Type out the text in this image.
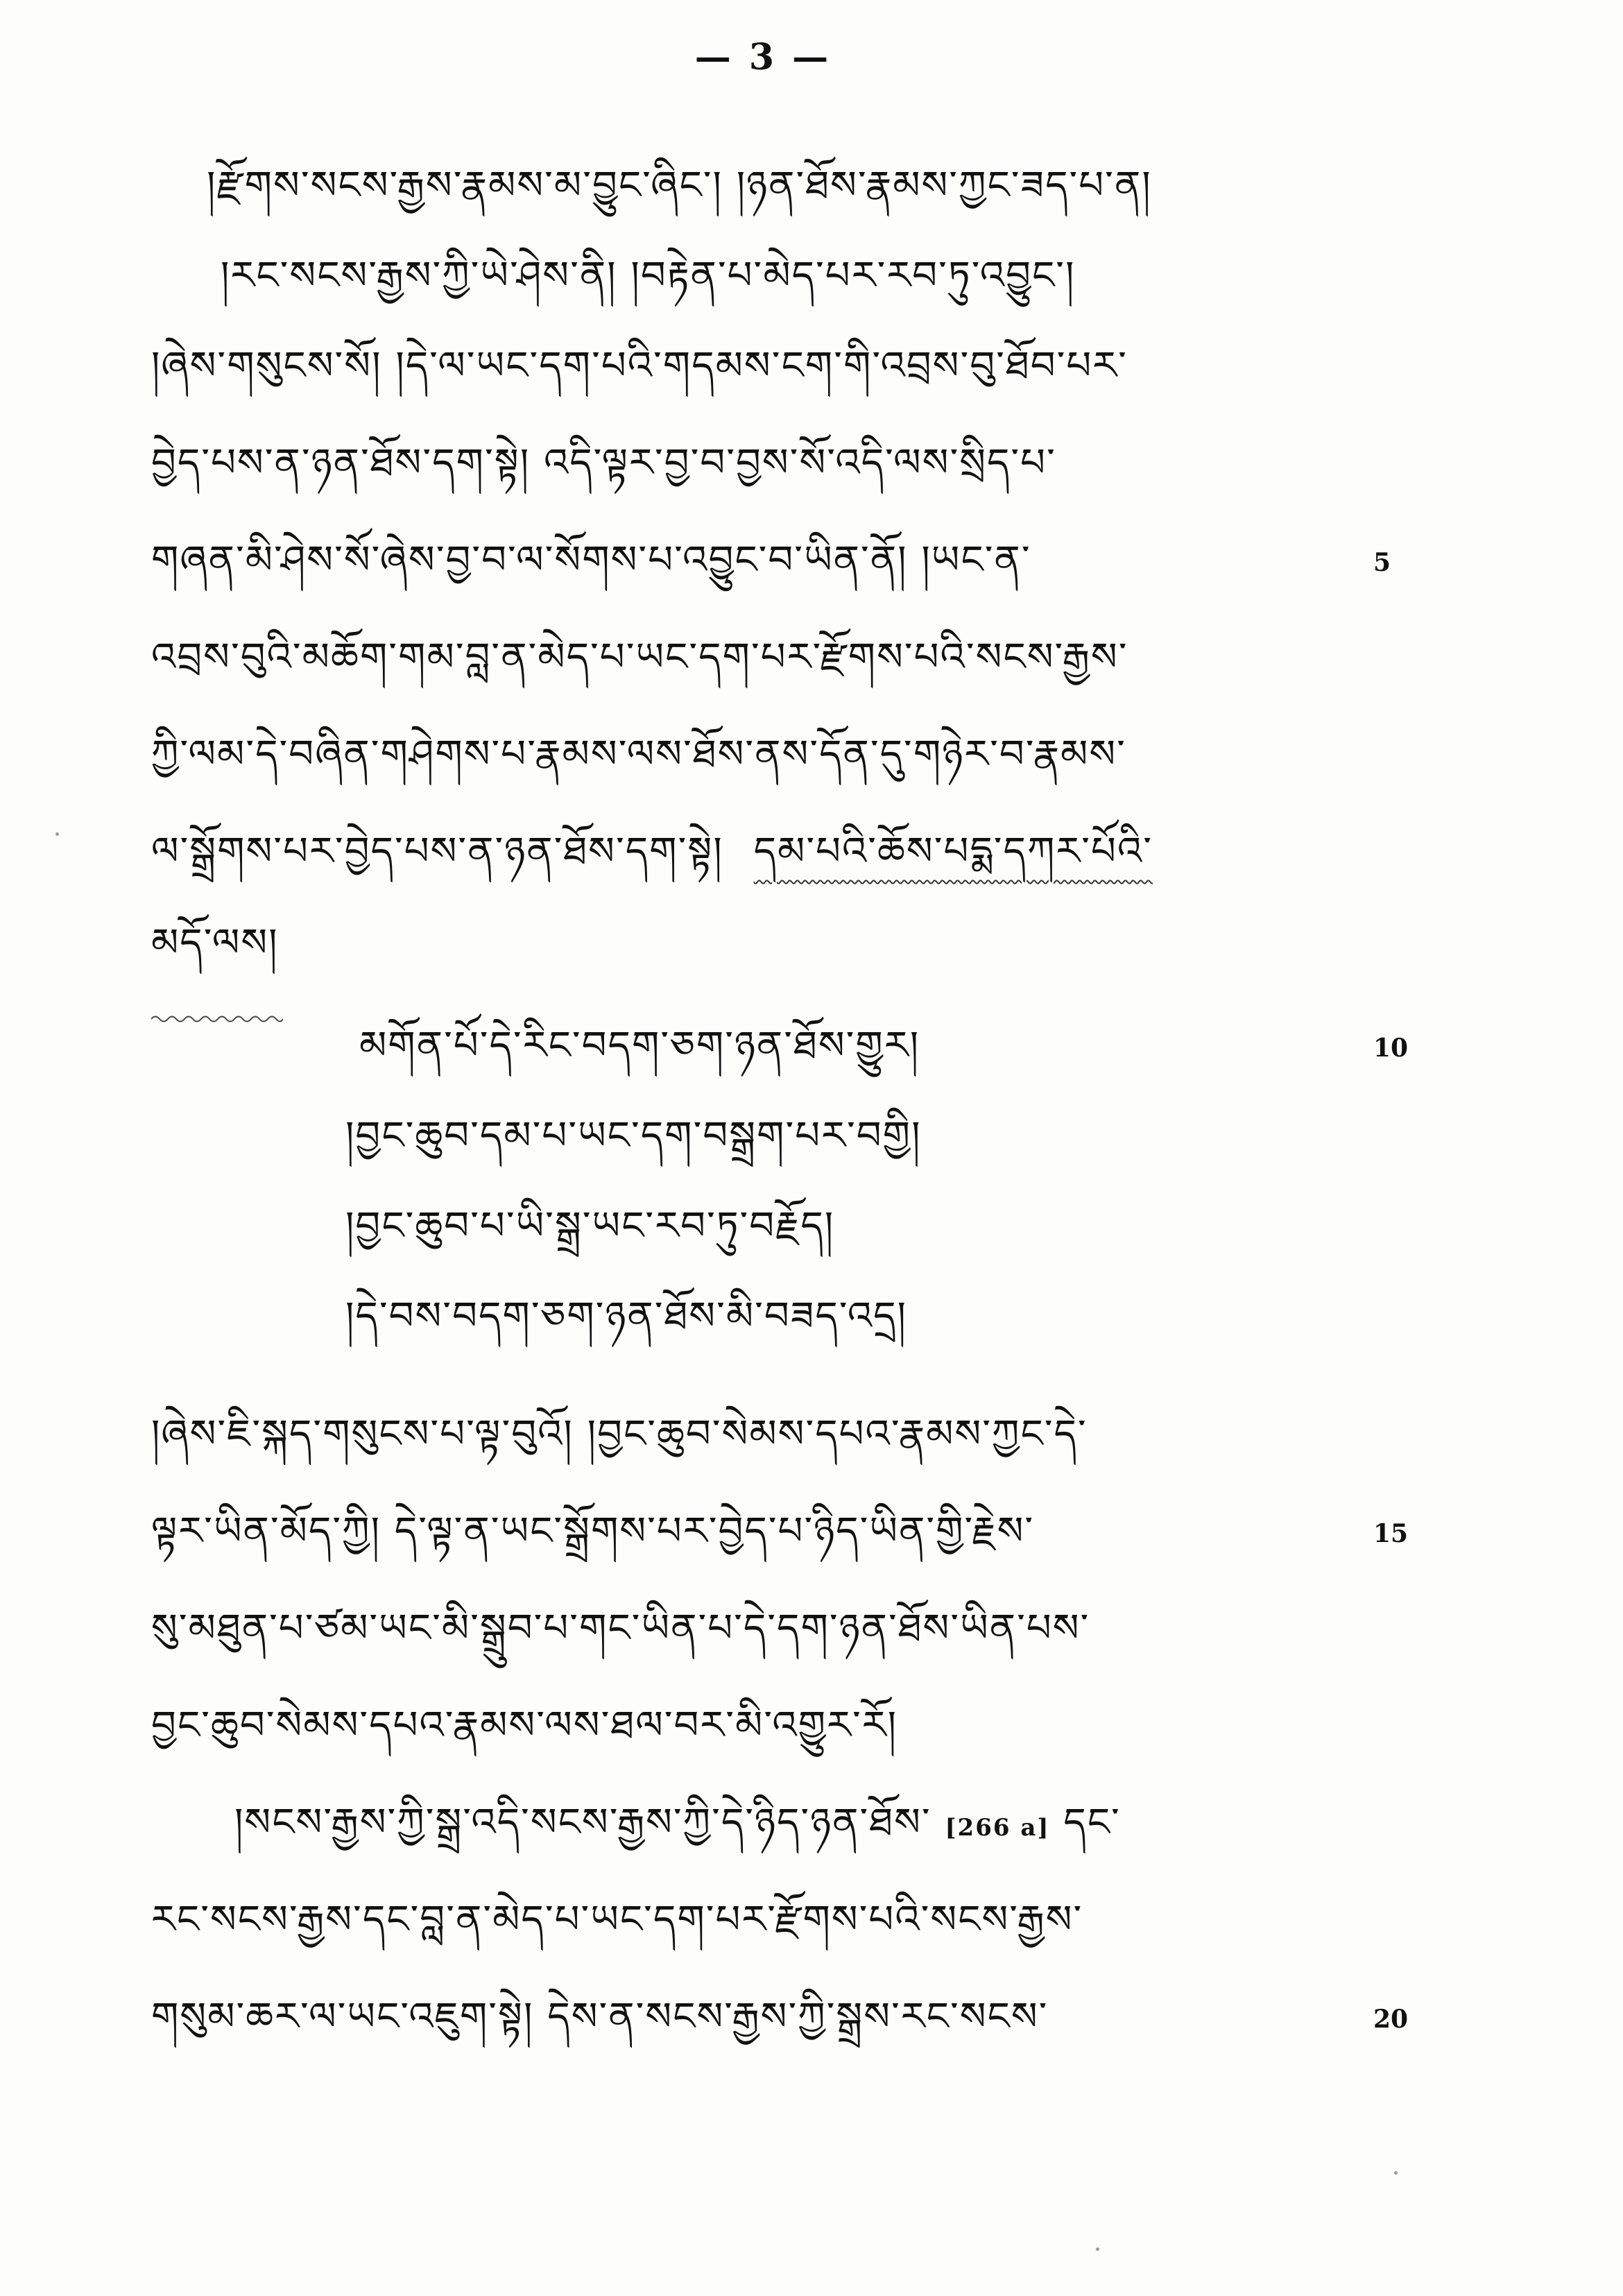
— 3 —
།རྫོགས་སངས་རྒྱས་རྣམས་མ་བྱུང་ཞིང་། །ཉན་ཐོས་རྣམས་ཀྱང་ཟད་པ་ན།
།རང་སངས་རྒྱས་ཀྱི་ཡེ་ཤེས་ནི། །བརྟེན་པ་མེད་པར་རབ་ཏུ་འབྱུང་།
།ཞེས་གསུངས་སོ། །དེ་ལ་ཡང་དག་པའི་གདམས་ངག་གི་འབྲས་བུ་ཐོབ་པར་
བྱེད་པས་ན་ཉན་ཐོས་དག་སྟེ། འདི་ལྟར་བྱ་བ་བྱས་སོ་འདི་ལས་སྲིད་པ་
གཞན་མི་ཤེས་སོ་ཞེས་བྱ་བ་ལ་སོགས་པ་འབྱུང་བ་ཡིན་ནོ། །ཡང་ན་	5
འབྲས་བུའི་མཆོག་གམ་བླ་ན་མེད་པ་ཡང་དག་པར་རྫོགས་པའི་སངས་རྒྱས་
ཀྱི་ལམ་དེ་བཞིན་གཤེགས་པ་རྣམས་ལས་ཐོས་ནས་དོན་དུ་གཉེར་བ་རྣམས་
ལ་སྒྲོགས་པར་བྱེད་པས་ན་ཉན་ཐོས་དག་སྟེ། དམ་པའི་ཆོས་པདྨ་དཀར་པོའི་
མདོ་ལས།
མགོན་པོ་དེ་རིང་བདག་ཅག་ཉན་ཐོས་གྱུར།	10
།བྱང་ཆུབ་དམ་པ་ཡང་དག་བསྒྲག་པར་བགྱི།
།བྱང་ཆུབ་པ་ཡི་སྒྲ་ཡང་རབ་ཏུ་བརྗོད།
།དེ་བས་བདག་ཅག་ཉན་ཐོས་མི་བཟད་འདྲ།
།ཞེས་ཇི་སྐད་གསུངས་པ་ལྟ་བུའོ། །བྱང་ཆུབ་སེམས་དཔའ་རྣམས་ཀྱང་དེ་
ལྟར་ཡིན་མོད་ཀྱི། དེ་ལྟ་ན་ཡང་སྒྲོགས་པར་བྱེད་པ་ཉིད་ཡིན་གྱི་རྗེས་	15
སུ་མཐུན་པ་ཙམ་ཡང་མི་སྒྲུབ་པ་གང་ཡིན་པ་དེ་དག་ཉན་ཐོས་ཡིན་པས་
བྱང་ཆུབ་སེམས་དཔའ་རྣམས་ལས་ཐལ་བར་མི་འགྱུར་རོ།
།སངས་རྒྱས་ཀྱི་སྒྲ་འདི་སངས་རྒྱས་ཀྱི་དེ་ཉིད་ཉན་ཐོས་ [266 a] དང་
རང་སངས་རྒྱས་དང་བླ་ན་མེད་པ་ཡང་དག་པར་རྫོགས་པའི་སངས་རྒྱས་
གསུམ་ཆར་ལ་ཡང་འཇུག་སྟེ། དེས་ན་སངས་རྒྱས་ཀྱི་སྒྲས་རང་སངས་	20
